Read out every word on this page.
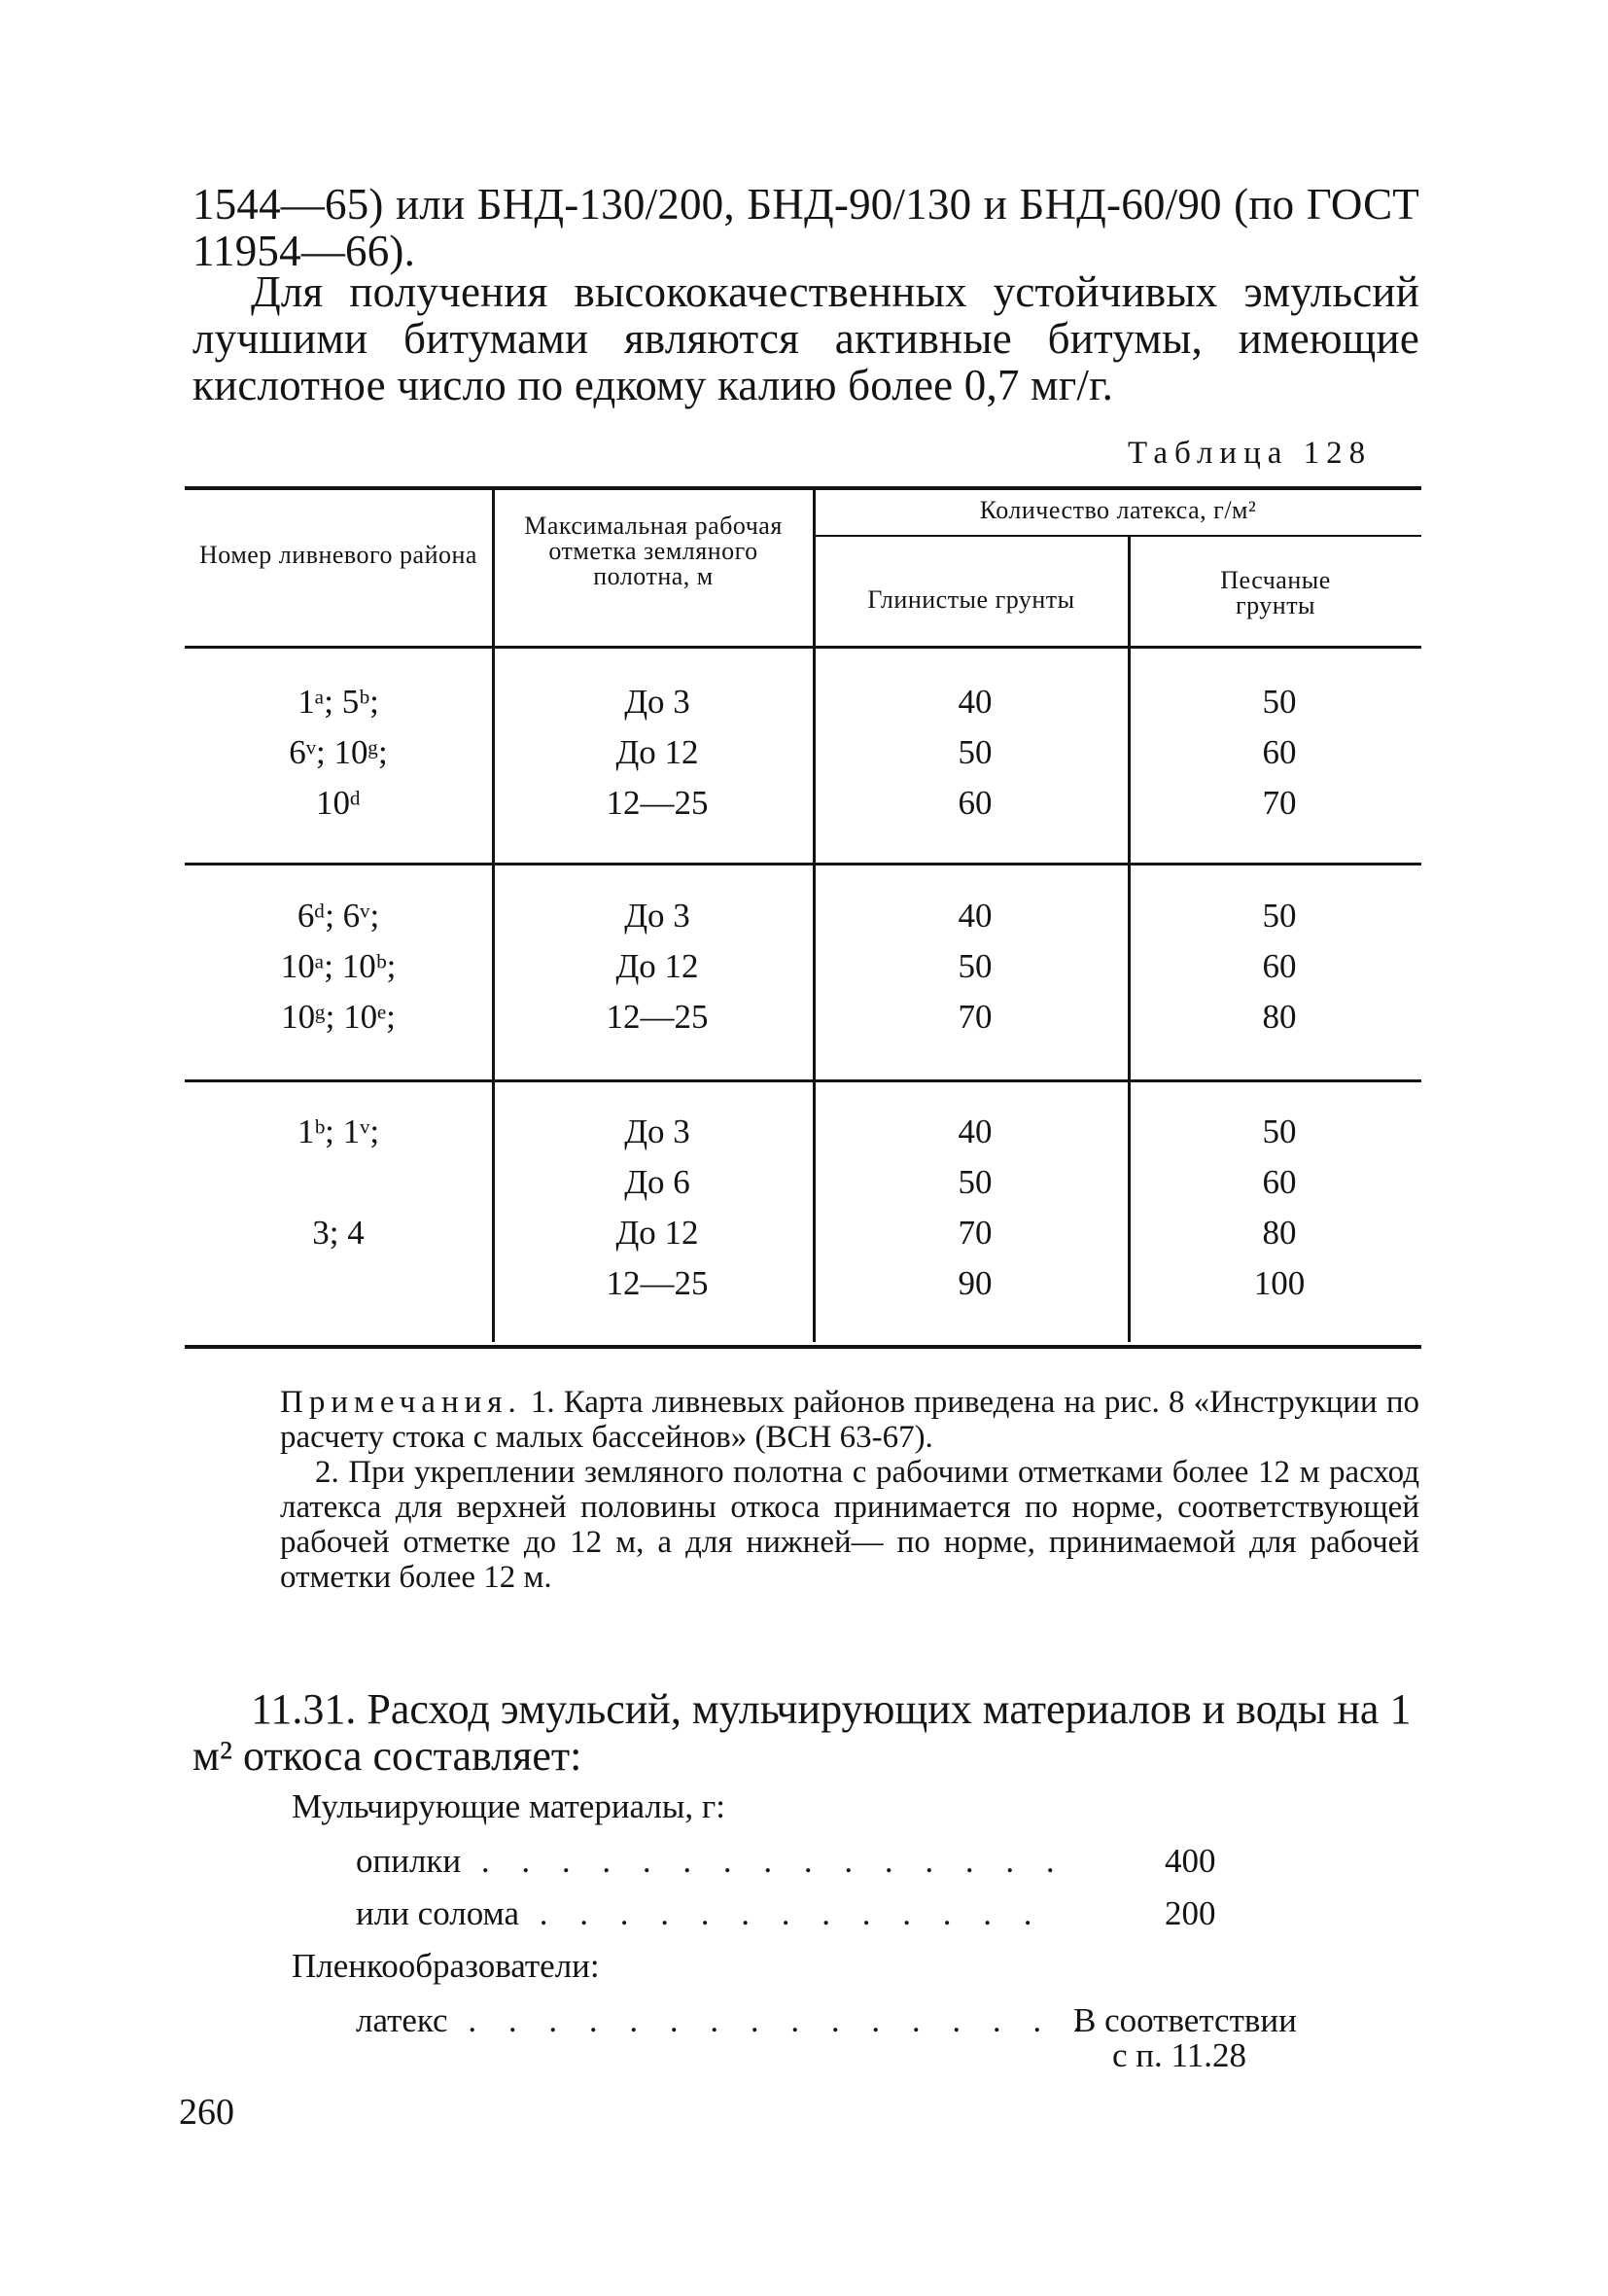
1544—65) или БНД-130/200, БНД-90/130 и БНД-60/90 (по ГОСТ 11954—66).

Для получения высококачественных устойчивых эмульсий лучшими битумами являются активные битумы, имеющие кислотное число по едкому калию более 0,7 мг/г.

Таблица 128
Номер ливневого района
Максимальная рабочая отметка земляного полотна, м
Количество латекса, г/м²
Глинистые грунты
Песчаные грунты
1ᵃ; 5ᵇ;
6ᵛ; 10ᵍ;
10ᵈ
До 3
До 12
12—25
40
50
60
50
60
70
6ᵈ; 6ᵛ;
10ᵃ; 10ᵇ;
10ᵍ; 10ᵉ;
До 3
До 12
12—25
40
50
70
50
60
80
1ᵇ; 1ᵛ;
3; 4
До 3
До 6
До 12
12—25
40
50
70
90
50
60
80
100

Примечания. 1. Карта ливневых районов приведена на рис. 8 «Инструкции по расчету стока с малых бассейнов» (ВСН 63-67).

2. При укреплении земляного полотна с рабочими отметками более 12 м расход латекса для верхней половины откоса принимается по норме, соответствующей рабочей отметке до 12 м, а для нижней— по норме, принимаемой для рабочей отметки более 12 м.

11.31. Расход эмульсий, мульчирующих материалов и воды на 1 м² откоса составляет:

Мульчирующие материалы, г:
опилки . . . . . . . . . . . . . . .	400
или солома . . . . . . . . . . . . .	200
Пленкообразователи:
латекс . . . . . . . . . . . . . . . .
В соответствии
с п. 11.28
260
